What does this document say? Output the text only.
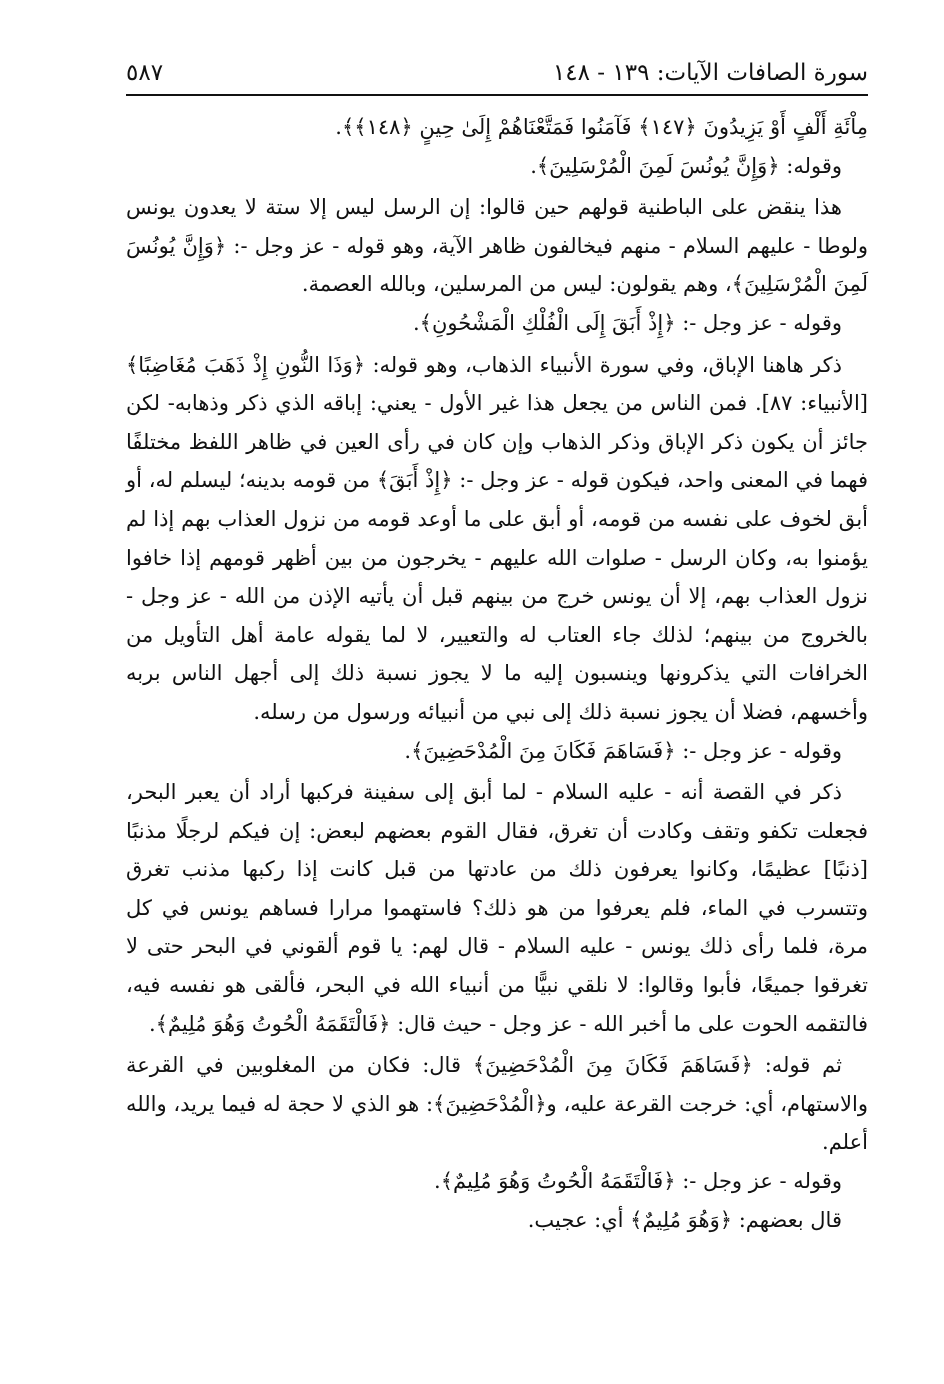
سورة الصافات الآيات: ١٣٩ - ١٤٨
٥٨٧

مِاْئَةِ أَلْفٍ أَوْ يَزِيدُونَ ﴿١٤٧﴾ فَآمَنُوا فَمَتَّعْنَاهُمْ إِلَىٰ حِينٍ ﴿١٤٨﴾﴾.

وقوله: ﴿وَإِنَّ يُونُسَ لَمِنَ الْمُرْسَلِينَ﴾.

هذا ينقض على الباطنية قولهم حين قالوا: إن الرسل ليس إلا ستة لا يعدون يونس ولوطا - عليهم السلام - منهم فيخالفون ظاهر الآية، وهو قوله - عز وجل -: ﴿وَإِنَّ يُونُسَ لَمِنَ الْمُرْسَلِينَ﴾، وهم يقولون: ليس من المرسلين، وبالله العصمة.

وقوله - عز وجل -: ﴿إِذْ أَبَقَ إِلَى الْفُلْكِ الْمَشْحُونِ﴾.

ذكر هاهنا الإباق، وفي سورة الأنبياء الذهاب، وهو قوله: ﴿وَذَا النُّونِ إِذْ ذَهَبَ مُغَاضِبًا﴾ [الأنبياء: ٨٧]. فمن الناس من يجعل هذا غير الأول - يعني: إباقه الذي ذكر وذهابه- لكن جائز أن يكون ذكر الإباق وذكر الذهاب وإن كان في رأى العين في ظاهر اللفظ مختلفًا فهما في المعنى واحد، فيكون قوله - عز وجل -: ﴿إِذْ أَبَقَ﴾ من قومه بدينه؛ ليسلم له، أو أبق لخوف على نفسه من قومه، أو أبق على ما أوعد قومه من نزول العذاب بهم إذا لم يؤمنوا به، وكان الرسل - صلوات الله عليهم - يخرجون من بين أظهر قومهم إذا خافوا نزول العذاب بهم، إلا أن يونس خرج من بينهم قبل أن يأتيه الإذن من الله - عز وجل - بالخروج من بينهم؛ لذلك جاء العتاب له والتعيير، لا لما يقوله عامة أهل التأويل من الخرافات التي يذكرونها وينسبون إليه ما لا يجوز نسبة ذلك إلى أجهل الناس بربه وأخسهم، فضلا أن يجوز نسبة ذلك إلى نبي من أنبيائه ورسول من رسله.

وقوله - عز وجل -: ﴿فَسَاهَمَ فَكَانَ مِنَ الْمُدْحَضِينَ﴾.

ذكر في القصة أنه - عليه السلام - لما أبق إلى سفينة فركبها أراد أن يعبر البحر، فجعلت تكفو وتقف وكادت أن تغرق، فقال القوم بعضهم لبعض: إن فيكم لرجلًا مذنبًا [ذنبًا] عظيمًا، وكانوا يعرفون ذلك من عادتها من قبل كانت إذا ركبها مذنب تغرق وتتسرب في الماء، فلم يعرفوا من هو ذلك؟ فاستهموا مرارا فساهم يونس في كل مرة، فلما رأى ذلك يونس - عليه السلام - قال لهم: يا قوم ألقوني في البحر حتى لا تغرقوا جميعًا، فأبوا وقالوا: لا نلقي نبيًّا من أنبياء الله في البحر، فألقى هو نفسه فيه، فالتقمه الحوت على ما أخبر الله - عز وجل - حيث قال: ﴿فَالْتَقَمَهُ الْحُوتُ وَهُوَ مُلِيمٌ﴾.

ثم قوله: ﴿فَسَاهَمَ فَكَانَ مِنَ الْمُدْحَضِينَ﴾ قال: فكان من المغلوبين في القرعة والاستهام، أي: خرجت القرعة عليه، و﴿الْمُدْحَضِينَ﴾: هو الذي لا حجة له فيما يريد، والله أعلم.

وقوله - عز وجل -: ﴿فَالْتَقَمَهُ الْحُوتُ وَهُوَ مُلِيمٌ﴾.

قال بعضهم: ﴿وَهُوَ مُلِيمٌ﴾ أي: عجيب.
